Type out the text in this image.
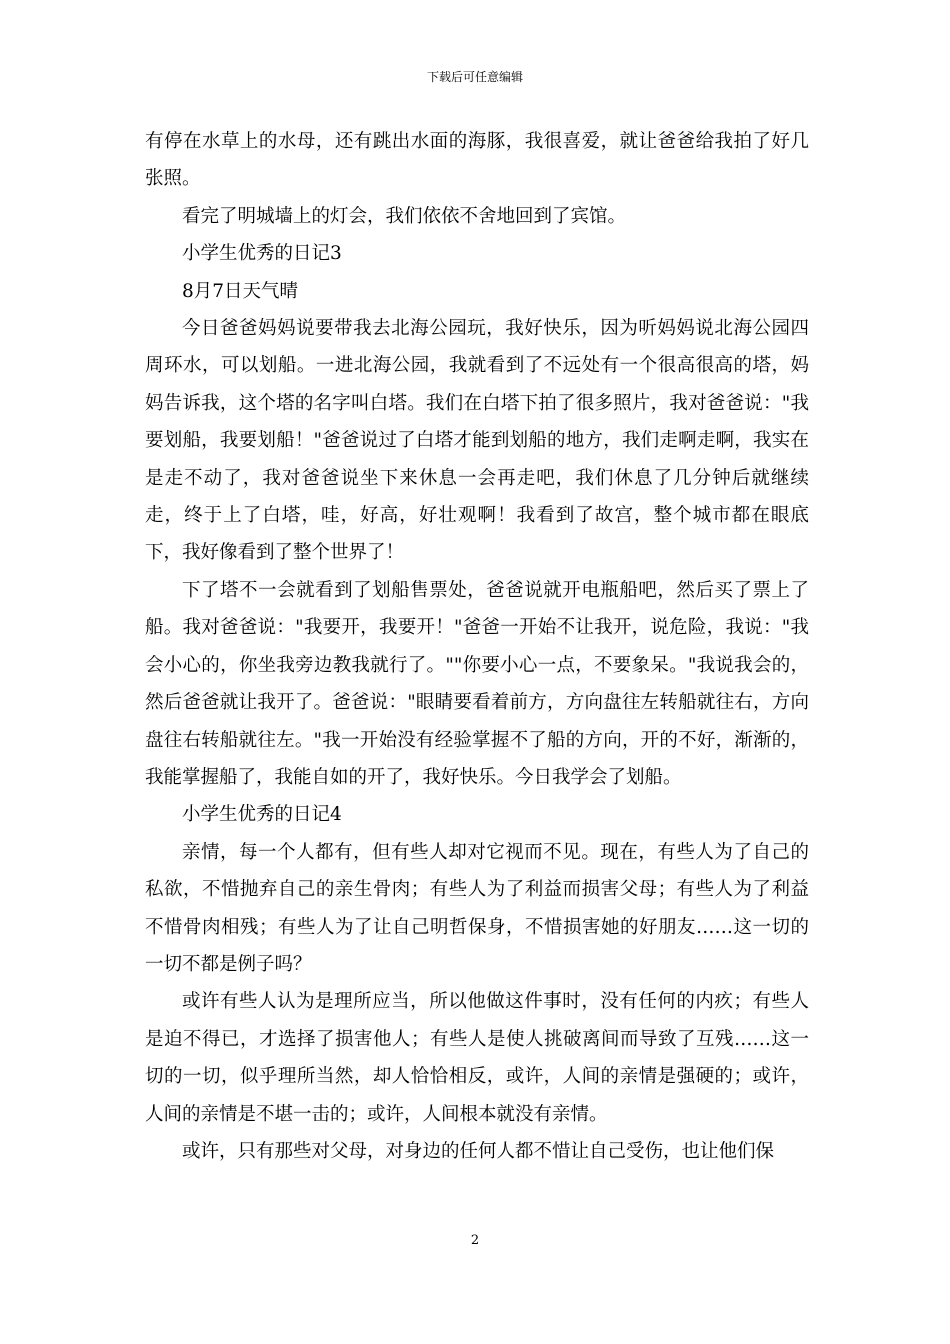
下载后可任意编辑

有停在水草上的水母，还有跳出水面的海豚，我很喜爱，就让爸爸给我拍了好几张照。

看完了明城墙上的灯会，我们依依不舍地回到了宾馆。

小学生优秀的日记3

8月7日天气晴

今日爸爸妈妈说要带我去北海公园玩，我好快乐，因为听妈妈说北海公园四周环水，可以划船。一进北海公园，我就看到了不远处有一个很高很高的塔，妈妈告诉我，这个塔的名字叫白塔。我们在白塔下拍了很多照片，我对爸爸说："我要划船，我要划船！"爸爸说过了白塔才能到划船的地方，我们走啊走啊，我实在是走不动了，我对爸爸说坐下来休息一会再走吧，我们休息了几分钟后就继续走，终于上了白塔，哇，好高，好壮观啊！我看到了故宫，整个城市都在眼底下，我好像看到了整个世界了！

下了塔不一会就看到了划船售票处，爸爸说就开电瓶船吧，然后买了票上了船。我对爸爸说："我要开，我要开！"爸爸一开始不让我开，说危险，我说："我会小心的，你坐我旁边教我就行了。""你要小心一点，不要象呆。"我说我会的，然后爸爸就让我开了。爸爸说："眼睛要看着前方，方向盘往左转船就往右，方向盘往右转船就往左。"我一开始没有经验掌握不了船的方向，开的不好，渐渐的，我能掌握船了，我能自如的开了，我好快乐。今日我学会了划船。

小学生优秀的日记4

亲情，每一个人都有，但有些人却对它视而不见。现在，有些人为了自己的私欲，不惜抛弃自己的亲生骨肉；有些人为了利益而损害父母；有些人为了利益不惜骨肉相残；有些人为了让自己明哲保身，不惜损害她的好朋友……这一切的一切不都是例子吗？

或许有些人认为是理所应当，所以他做这件事时，没有任何的内疚；有些人是迫不得已，才选择了损害他人；有些人是使人挑破离间而导致了互残……这一切的一切，似乎理所当然，却人恰恰相反，或许，人间的亲情是强硬的；或许，人间的亲情是不堪一击的；或许，人间根本就没有亲情。

或许，只有那些对父母，对身边的任何人都不惜让自己受伤，也让他们保

2
